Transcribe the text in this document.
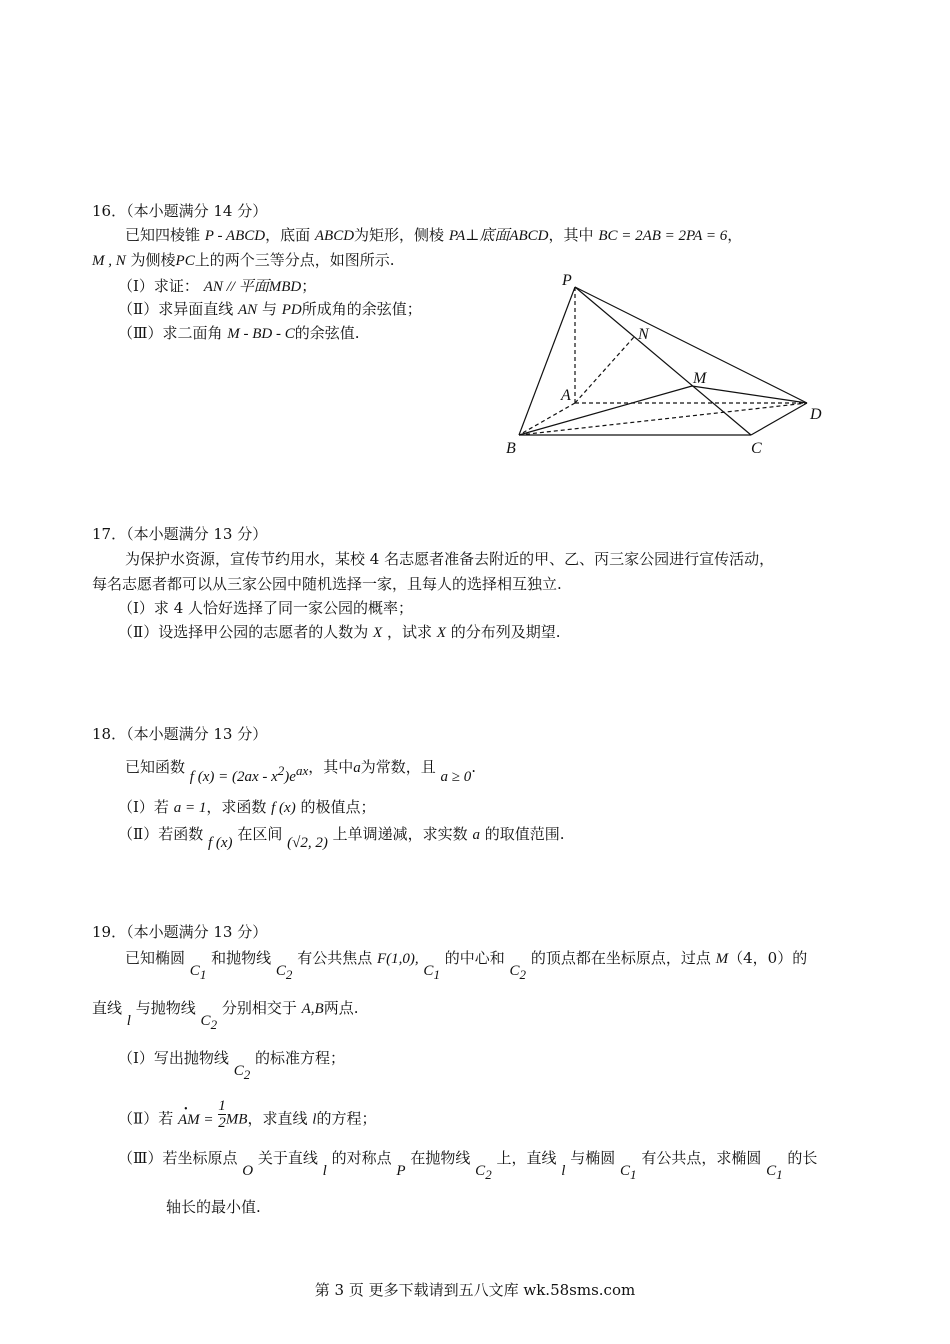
16．（本小题满分 14 分）
已知四棱锥 P - ABCD，底面 ABCD为矩形，侧棱 PA⊥底面ABCD，其中 BC = 2AB = 2PA = 6，
M , N 为侧棱PC上的两个三等分点，如图所示.
（Ⅰ）求证： AN // 平面MBD；
（Ⅱ）求异面直线 AN 与 PD所成角的余弦值；
（Ⅲ）求二面角 M - BD - C的余弦值.
P
N
M
A
D
B	C
17．（本小题满分 13 分）
为保护水资源，宣传节约用水，某校 4 名志愿者准备去附近的甲、乙、丙三家公园进行宣传活动，
每名志愿者都可以从三家公园中随机选择一家，且每人的选择相互独立.
（Ⅰ）求 4 人恰好选择了同一家公园的概率；
（Ⅱ）设选择甲公园的志愿者的人数为 X ，试求 X 的分布列及期望.
18．（本小题满分 13 分）
已知函数 f $(x) = (2ax - x^2)e^{ax}$，其中a为常数，且 a ≥ 0.
（Ⅰ）若 a = 1，求函数 f (x) 的极值点；
（Ⅱ）若函数 f (x) 在区间 (√2, 2) 上单调递减，求实数 a 的取值范围.
19．（本小题满分 13 分）
已知椭圆 $C_1$ 和抛物线 $C_2$ 有公共焦点 F(1,0), $C_1$ 的中心和 $C_2$ 的顶点都在坐标原点，过点 M（4，0）的
直线 l 与抛物线 $C_2$ 分别相交于 A,B两点.
（Ⅰ）写出抛物线 $C_2$ 的标准方程；
（Ⅱ）若
•
AM = $\frac{1}{2}$ MB，求直线 l的方程；
（Ⅲ）若坐标原点 O 关于直线 l 的对称点 P 在抛物线 $C_2$ 上，直线 l 与椭圆 $C_1$ 有公共点，求椭圆 $C_1$ 的长
轴长的最小值.
第 3 页 更多下载请到五八文库 wk.58sms.com
